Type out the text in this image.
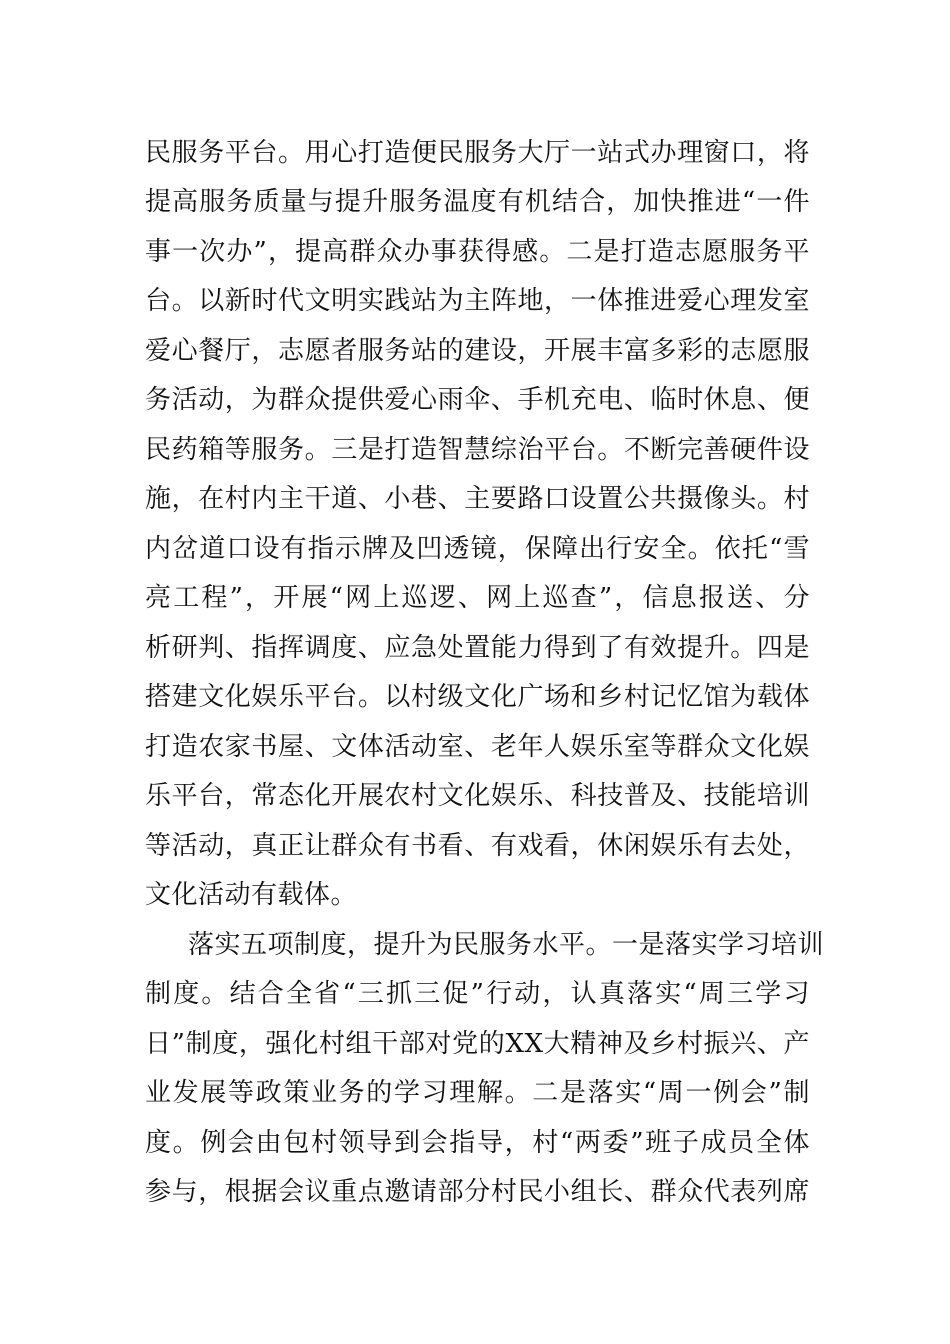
民服务平台。用心打造便民服务大厅一站式办理窗口，将
提高服务质量与提升服务温度有机结合，加快推进“一件
事一次办”，提高群众办事获得感。二是打造志愿服务平
台。以新时代文明实践站为主阵地，一体推进爱心理发室
爱心餐厅，志愿者服务站的建设，开展丰富多彩的志愿服
务活动，为群众提供爱心雨伞、手机充电、临时休息、便
民药箱等服务。三是打造智慧综治平台。不断完善硬件设
施，在村内主干道、小巷、主要路口设置公共摄像头。村
内岔道口设有指示牌及凹透镜，保障出行安全。依托“雪
亮工程”，开展“网上巡逻、网上巡查”，信息报送、分
析研判、指挥调度、应急处置能力得到了有效提升。四是
搭建文化娱乐平台。以村级文化广场和乡村记忆馆为载体
打造农家书屋、文体活动室、老年人娱乐室等群众文化娱
乐平台，常态化开展农村文化娱乐、科技普及、技能培训
等活动，真正让群众有书看、有戏看，休闲娱乐有去处，
文化活动有载体。
落实五项制度，提升为民服务水平。一是落实学习培训
制度。结合全省“三抓三促”行动，认真落实“周三学习
日”制度，强化村组干部对党的XX大精神及乡村振兴、产
业发展等政策业务的学习理解。二是落实“周一例会”制
度。例会由包村领导到会指导，村“两委”班子成员全体
参与，根据会议重点邀请部分村民小组长、群众代表列席
